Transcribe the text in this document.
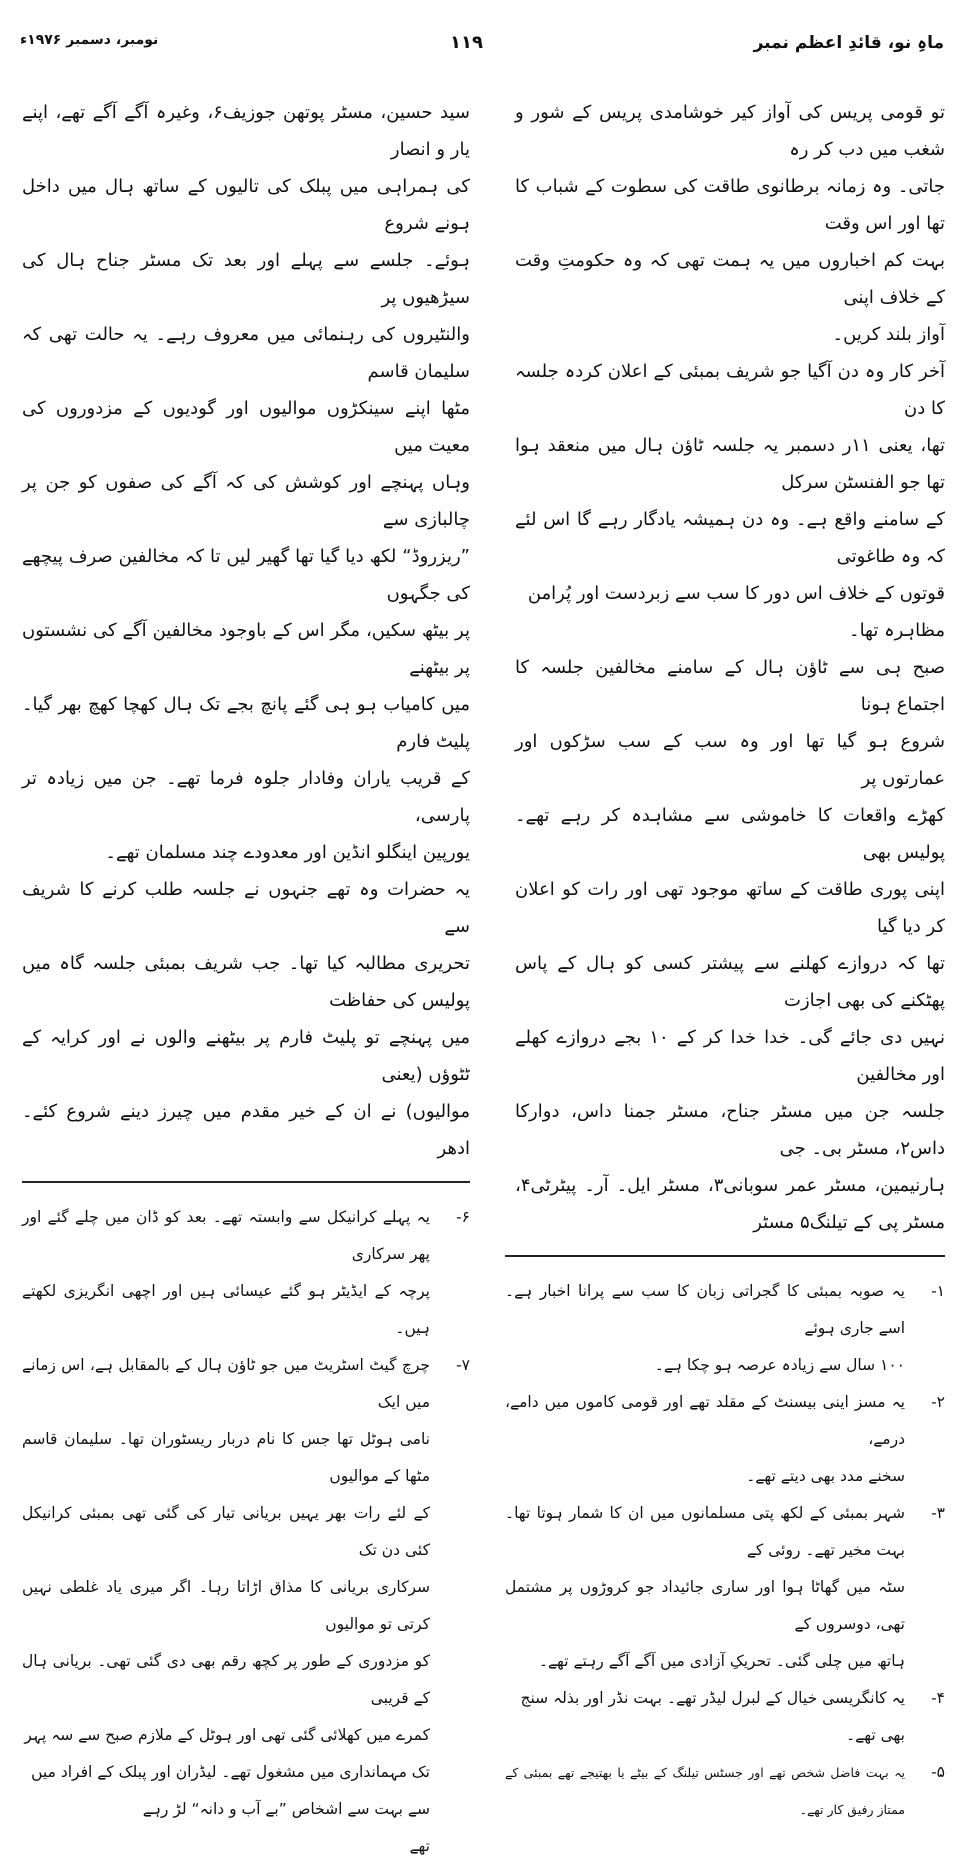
ماہِ نو، قائدِ اعظم نمبر
۱۱۹
نومبر، دسمبر ۱۹۷۶ء
تو قومی پریس کی آواز کیر خوشامدی پریس کے شور و شغب میں دب کر رہ
جاتی۔ وہ زمانہ برطانوی طاقت کی سطوت کے شباب کا تھا اور اس وقت
بہت کم اخباروں میں یہ ہمت تھی کہ وہ حکومتِ وقت کے خلاف اپنی
آواز بلند کریں۔
آخر کار وہ دن آگیا جو شریف بمبئی کے اعلان کردہ جلسہ کا دن
تھا، یعنی ۱۱ر دسمبر یہ جلسہ ٹاؤن ہال میں منعقد ہوا تھا جو الفنسٹن سرکل
کے سامنے واقع ہے۔ وہ دن ہمیشہ یادگار رہے گا اس لئے کہ وہ طاغوتی
قوتوں کے خلاف اس دور کا سب سے زبردست اور پُرامن
مظاہرہ تھا۔
صبح ہی سے ٹاؤن ہال کے سامنے مخالفین جلسہ کا اجتماع ہونا
شروع ہو گیا تھا اور وہ سب کے سب سڑکوں اور عمارتوں پر
کھڑے واقعات کا خاموشی سے مشاہدہ کر رہے تھے۔ پولیس بھی
اپنی پوری طاقت کے ساتھ موجود تھی اور رات کو اعلان کر دیا گیا
تھا کہ دروازے کھلنے سے پیشتر کسی کو ہال کے پاس پھٹکنے کی بھی اجازت
نہیں دی جائے گی۔ خدا خدا کر کے ۱۰ بجے دروازے کھلے اور مخالفین
جلسہ جن میں مسٹر جناح، مسٹر جمنا داس، دوارکا داس۲، مسٹر بی۔ جی
ہارنیمین، مسٹر عمر سوبانی۳، مسٹر ایل۔ آر۔ پیٹرٹی۴، مسٹر پی کے تیلنگ۵ مسٹر
۱-
یہ صوبہ بمبئی کا گجراتی زبان کا سب سے پرانا اخبار ہے۔ اسے جاری ہوئے
۱۰۰ سال سے زیادہ عرصہ ہو چکا ہے۔
۲-
یہ مسز اینی بیسنٹ کے مقلد تھے اور قومی کاموں میں دامے، درمے،
سخنے مدد بھی دیتے تھے۔
۳-
شہر بمبئی کے لکھ پتی مسلمانوں میں ان کا شمار ہوتا تھا۔ بہت مخیر تھے۔ روئی کے
سٹہ میں گھاٹا ہوا اور ساری جائیداد جو کروڑوں پر مشتمل تھی، دوسروں کے
ہاتھ میں چلی گئی۔ تحریکِ آزادی میں آگے آگے رہتے تھے۔
۴-
یہ کانگریسی خیال کے لبرل لیڈر تھے۔ بہت نڈر اور بذلہ سنج
بھی تھے۔
۵-
یہ بہت فاضل شخص تھے اور جسٹس تیلنگ کے بیٹے یا بھتیجے تھے بمبئی کے ممتاز رفیق کار تھے۔
سید حسین، مسٹر پوتھن جوزیف۶، وغیرہ آگے آگے تھے، اپنے یار و انصار
کی ہمراہی میں پبلک کی تالیوں کے ساتھ ہال میں داخل ہونے شروع
ہوئے۔ جلسے سے پہلے اور بعد تک مسٹر جناح ہال کی سیڑھیوں پر
والنٹیروں کی رہنمائی میں معروف رہے۔ یہ حالت تھی کہ سلیمان قاسم
مٹھا اپنے سینکڑوں موالیوں اور گودیوں کے مزدوروں کی معیت میں
وہاں پہنچے اور کوشش کی کہ آگے کی صفوں کو جن پر چالبازی سے
”ریزروڈ“ لکھ دیا گیا تھا گھیر لیں تا کہ مخالفین صرف پیچھے کی جگہوں
پر بیٹھ سکیں، مگر اس کے باوجود مخالفین آگے کی نشستوں پر بیٹھنے
میں کامیاب ہو ہی گئے پانچ بجے تک ہال کھچا کھچ بھر گیا۔ پلیٹ فارم
کے قریب یاران وفادار جلوہ فرما تھے۔ جن میں زیادہ تر پارسی،
یورپین اینگلو انڈین اور معدودے چند مسلمان تھے۔
یہ حضرات وہ تھے جنہوں نے جلسہ طلب کرنے کا شریف سے
تحریری مطالبہ کیا تھا۔ جب شریف بمبئی جلسہ گاہ میں پولیس کی حفاظت
میں پہنچے تو پلیٹ فارم پر بیٹھنے والوں نے اور کرایہ کے ٹٹوؤں (یعنی
موالیوں) نے ان کے خیر مقدم میں چیرز دینے شروع کئے۔ ادھر
۶-
یہ پہلے کرانیکل سے وابستہ تھے۔ بعد کو ڈان میں چلے گئے اور پھر سرکاری
پرچہ کے ایڈیٹر ہو گئے عیسائی ہیں اور اچھی انگریزی لکھتے ہیں۔
۷-
چرچ گیٹ اسٹریٹ میں جو ٹاؤن ہال کے بالمقابل ہے، اس زمانے میں ایک
نامی ہوٹل تھا جس کا نام دربار ریسٹوران تھا۔ سلیمان قاسم مٹھا کے موالیوں
کے لئے رات بھر یہیں بریانی تیار کی گئی تھی بمبئی کرانیکل کئی دن تک
سرکاری بریانی کا مذاق اڑاتا رہا۔ اگر میری یاد غلطی نہیں کرتی تو موالیوں
کو مزدوری کے طور پر کچھ رقم بھی دی گئی تھی۔ بریانی ہال کے قریبی
کمرے میں کھلائی گئی تھی اور ہوٹل کے ملازم صبح سے سہ پہر
تک مہمانداری میں مشغول تھے۔ لیڈران اور پبلک کے افراد میں
سے بہت سے اشخاص ”بے آب و دانہ“ لڑ رہے
تھے
